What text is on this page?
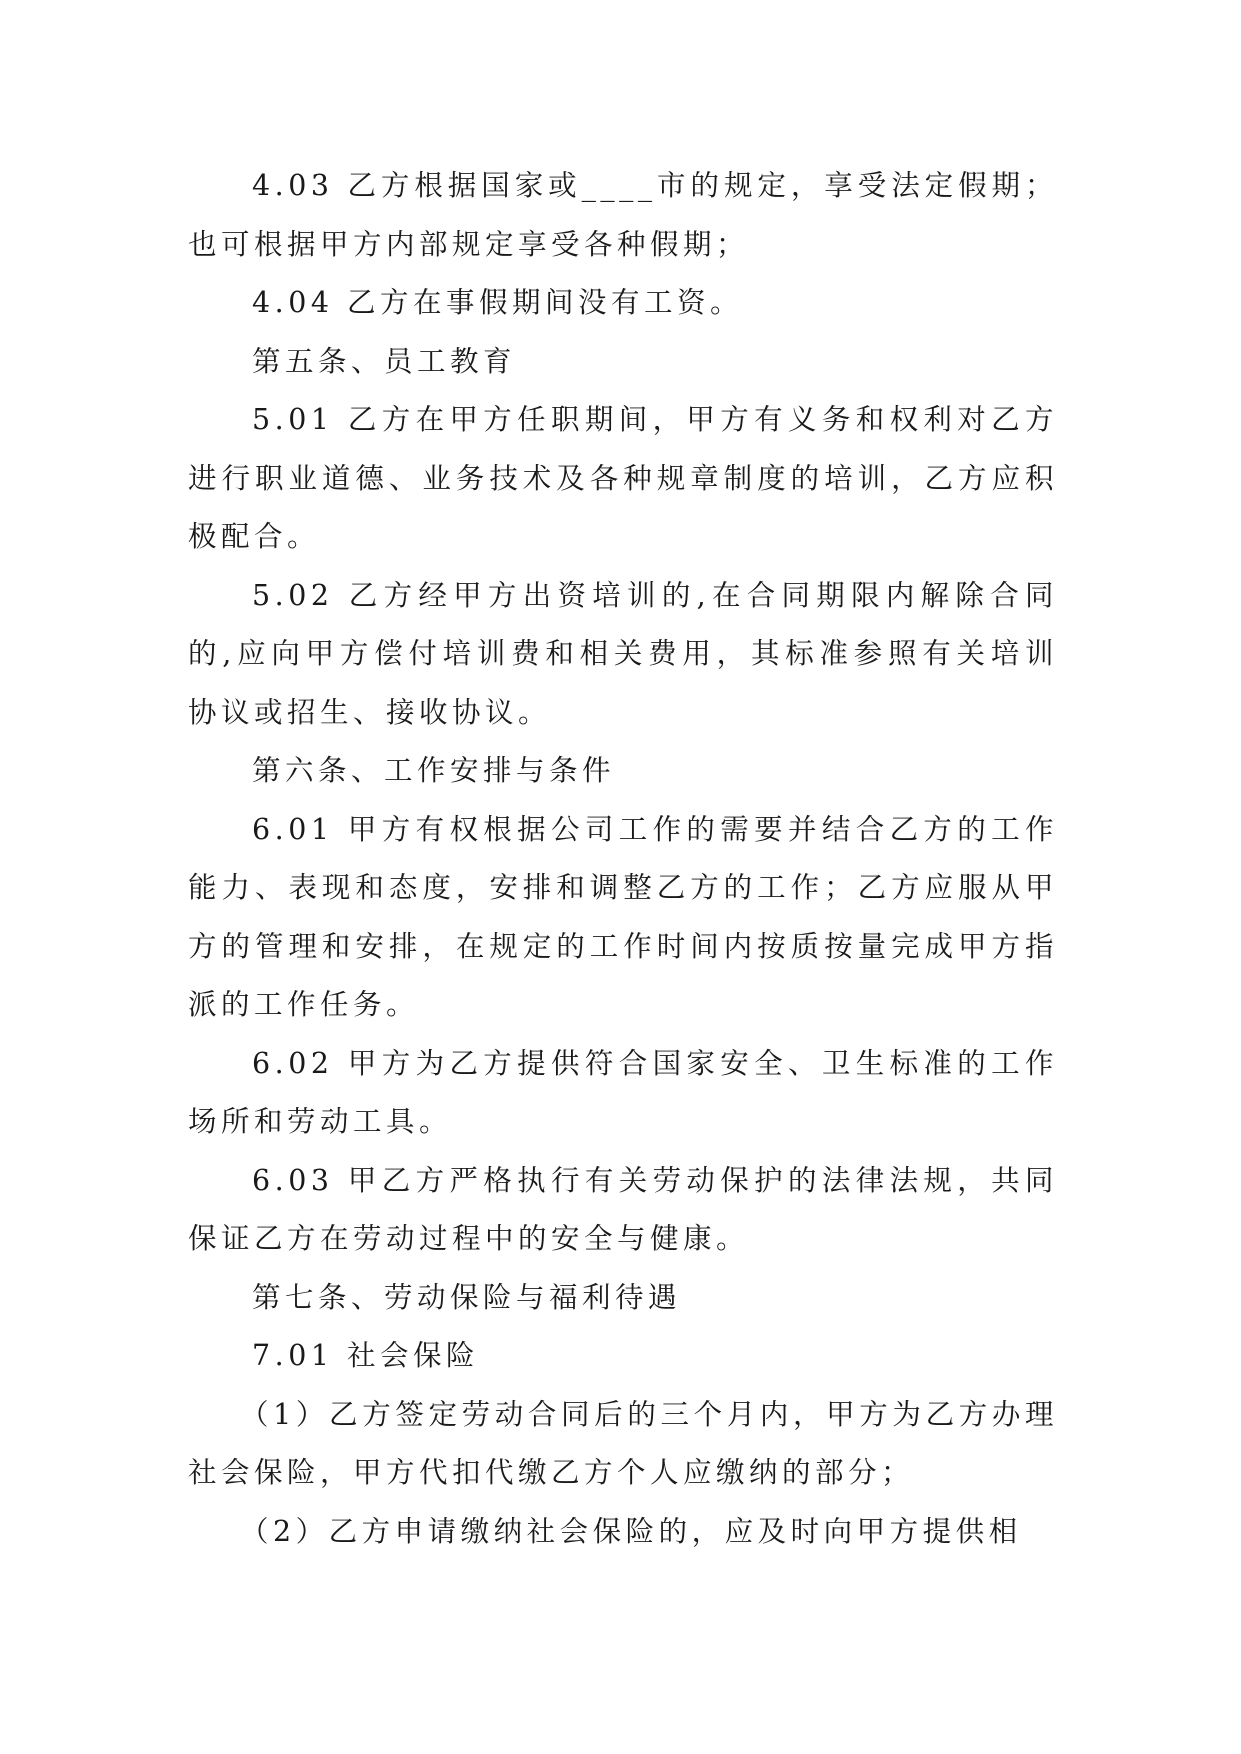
4.03 乙方根据国家或____市的规定，享受法定假期；也可根据甲方内部规定享受各种假期；

4.04 乙方在事假期间没有工资。

第五条、员工教育

5.01 乙方在甲方任职期间，甲方有义务和权利对乙方进行职业道德、业务技术及各种规章制度的培训，乙方应积极配合。

5.02 乙方经甲方出资培训的,在合同期限内解除合同的,应向甲方偿付培训费和相关费用，其标准参照有关培训协议或招生、接收协议。

第六条、工作安排与条件

6.01 甲方有权根据公司工作的需要并结合乙方的工作能力、表现和态度，安排和调整乙方的工作；乙方应服从甲方的管理和安排，在规定的工作时间内按质按量完成甲方指派的工作任务。

6.02 甲方为乙方提供符合国家安全、卫生标准的工作场所和劳动工具。

6.03 甲乙方严格执行有关劳动保护的法律法规，共同保证乙方在劳动过程中的安全与健康。

第七条、劳动保险与福利待遇

7.01 社会保险

（1）乙方签定劳动合同后的三个月内，甲方为乙方办理社会保险，甲方代扣代缴乙方个人应缴纳的部分；

（2）乙方申请缴纳社会保险的，应及时向甲方提供相
